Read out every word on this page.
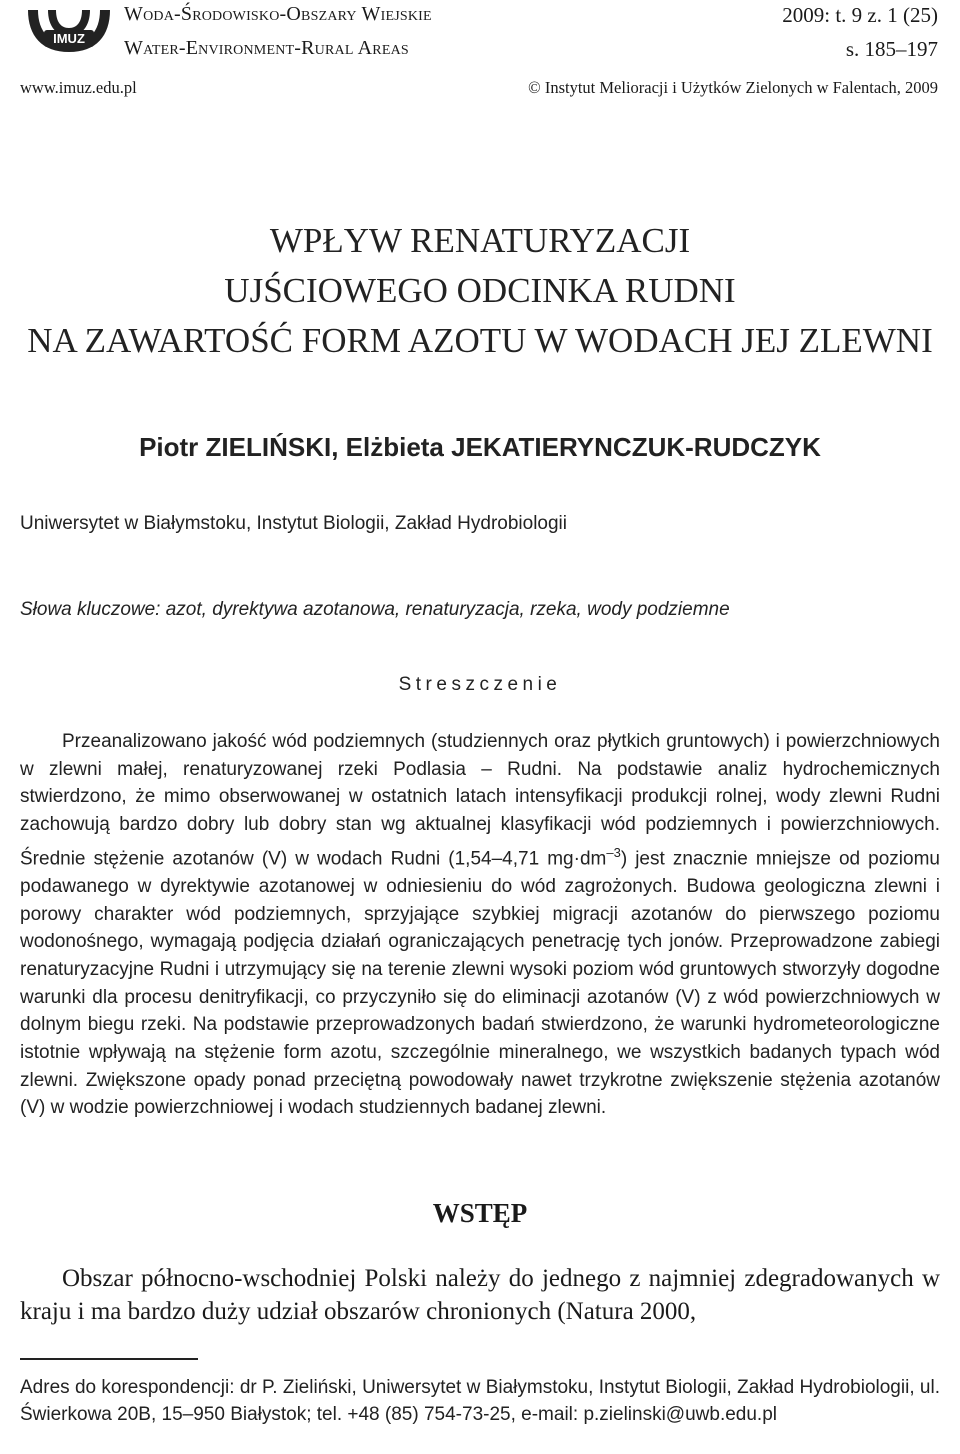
IMUZ
Woda-Środowisko-Obszary Wiejskie
Water-Environment-Rural Areas
2009: t. 9 z. 1 (25)
s. 185–197
www.imuz.edu.pl	© Instytut Melioracji i Użytków Zielonych w Falentach, 2009
WPŁYW RENATURYZACJI
UJŚCIOWEGO ODCINKA RUDNI
NA ZAWARTOŚĆ FORM AZOTU W WODACH JEJ ZLEWNI
Piotr ZIELIŃSKI, Elżbieta JEKATIERYNCZUK-RUDCZYK
Uniwersytet w Białymstoku, Instytut Biologii, Zakład Hydrobiologii
Słowa kluczowe: azot, dyrektywa azotanowa, renaturyzacja, rzeka, wody podziemne
Streszczenie

Przeanalizowano jakość wód podziemnych (studziennych oraz płytkich gruntowych) i powierzchniowych w zlewni małej, renaturyzowanej rzeki Podlasia – Rudni. Na podstawie analiz hydrochemicznych stwierdzono, że mimo obserwowanej w ostatnich latach intensyfikacji produkcji rolnej, wody zlewni Rudni zachowują bardzo dobry lub dobry stan wg aktualnej klasyfikacji wód podziemnych i powierzchniowych. Średnie stężenie azotanów (V) w wodach Rudni (1,54–4,71 $mg\cdot dm^{-3}$) jest znacznie mniejsze od poziomu podawanego w dyrektywie azotanowej w odniesieniu do wód zagrożonych. Budowa geologiczna zlewni i porowy charakter wód podziemnych, sprzyjające szybkiej migracji azotanów do pierwszego poziomu wodonośnego, wymagają podjęcia działań ograniczających penetrację tych jonów. Przeprowadzone zabiegi renaturyzacyjne Rudni i utrzymujący się na terenie zlewni wysoki poziom wód gruntowych stworzyły dogodne warunki dla procesu denitryfikacji, co przyczyniło się do eliminacji azotanów (V) z wód powierzchniowych w dolnym biegu rzeki. Na podstawie przeprowadzonych badań stwierdzono, że warunki hydrometeorologiczne istotnie wpływają na stężenie form azotu, szczególnie mineralnego, we wszystkich badanych typach wód zlewni. Zwiększone opady ponad przeciętną powodowały nawet trzykrotne zwiększenie stężenia azotanów (V) w wodzie powierzchniowej i wodach studziennych badanej zlewni.

WSTĘP

Obszar północno-wschodniej Polski należy do jednego z najmniej zdegradowanych w kraju i ma bardzo duży udział obszarów chronionych (Natura 2000,

Adres do korespondencji: dr P. Zieliński, Uniwersytet w Białymstoku, Instytut Biologii, Zakład Hydrobiologii, ul. Świerkowa 20B, 15–950 Białystok; tel. +48 (85) 754-73-25, e-mail: p.zielinski@uwb.edu.pl
